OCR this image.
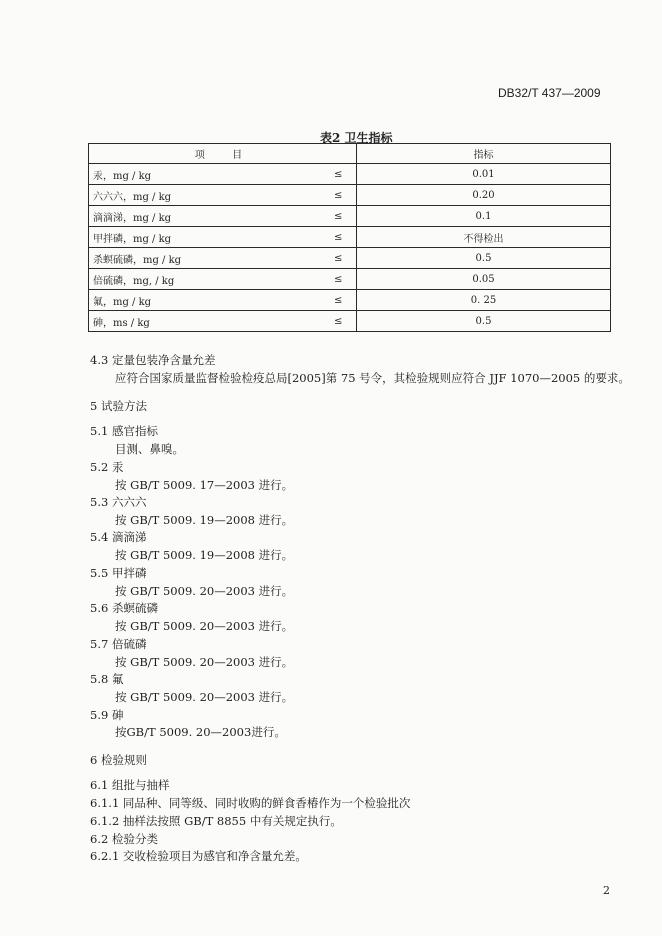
DB32/T 437—2009
表2 卫生指标
项 目		指标
汞，mg / kg	≤	0.01
六六六，mg / kg	≤	0.20
滴滴涕，mg / kg	≤	0.1
甲拌磷，mg / kg	≤	不得检出
杀螟硫磷，mg / kg	≤	0.5
倍硫磷，mg, / kg	≤	0.05
氟，mg / kg	≤	0. 25
砷，ms / kg	≤	0.5
4.3 定量包装净含量允差
应符合国家质量监督检验检疫总局[2005]第 75 号令，其检验规则应符合 JJF 1070—2005 的要求。
5 试验方法
5.1 感官指标
目测、鼻嗅。
5.2 汞
按 GB/T 5009. 17—2003 进行。
5.3 六六六
按 GB/T 5009. 19—2008 进行。
5.4 滴滴涕
按 GB/T 5009. 19—2008 进行。
5.5 甲拌磷
按 GB/T 5009. 20—2003 进行。
5.6 杀螟硫磷
按 GB/T 5009. 20—2003 进行。
5.7 倍硫磷
按 GB/T 5009. 20—2003 进行。
5.8 氟
按 GB/T 5009. 20—2003 进行。
5.9 砷
按GB/T 5009. 20—2003进行。
6 检验规则
6.1 组批与抽样
6.1.1 同品种、同等级、同时收购的鲜食香椿作为一个检验批次
6.1.2 抽样法按照 GB/T 8855 中有关规定执行。
6.2 检验分类
6.2.1 交收检验项目为感官和净含量允差。
2
